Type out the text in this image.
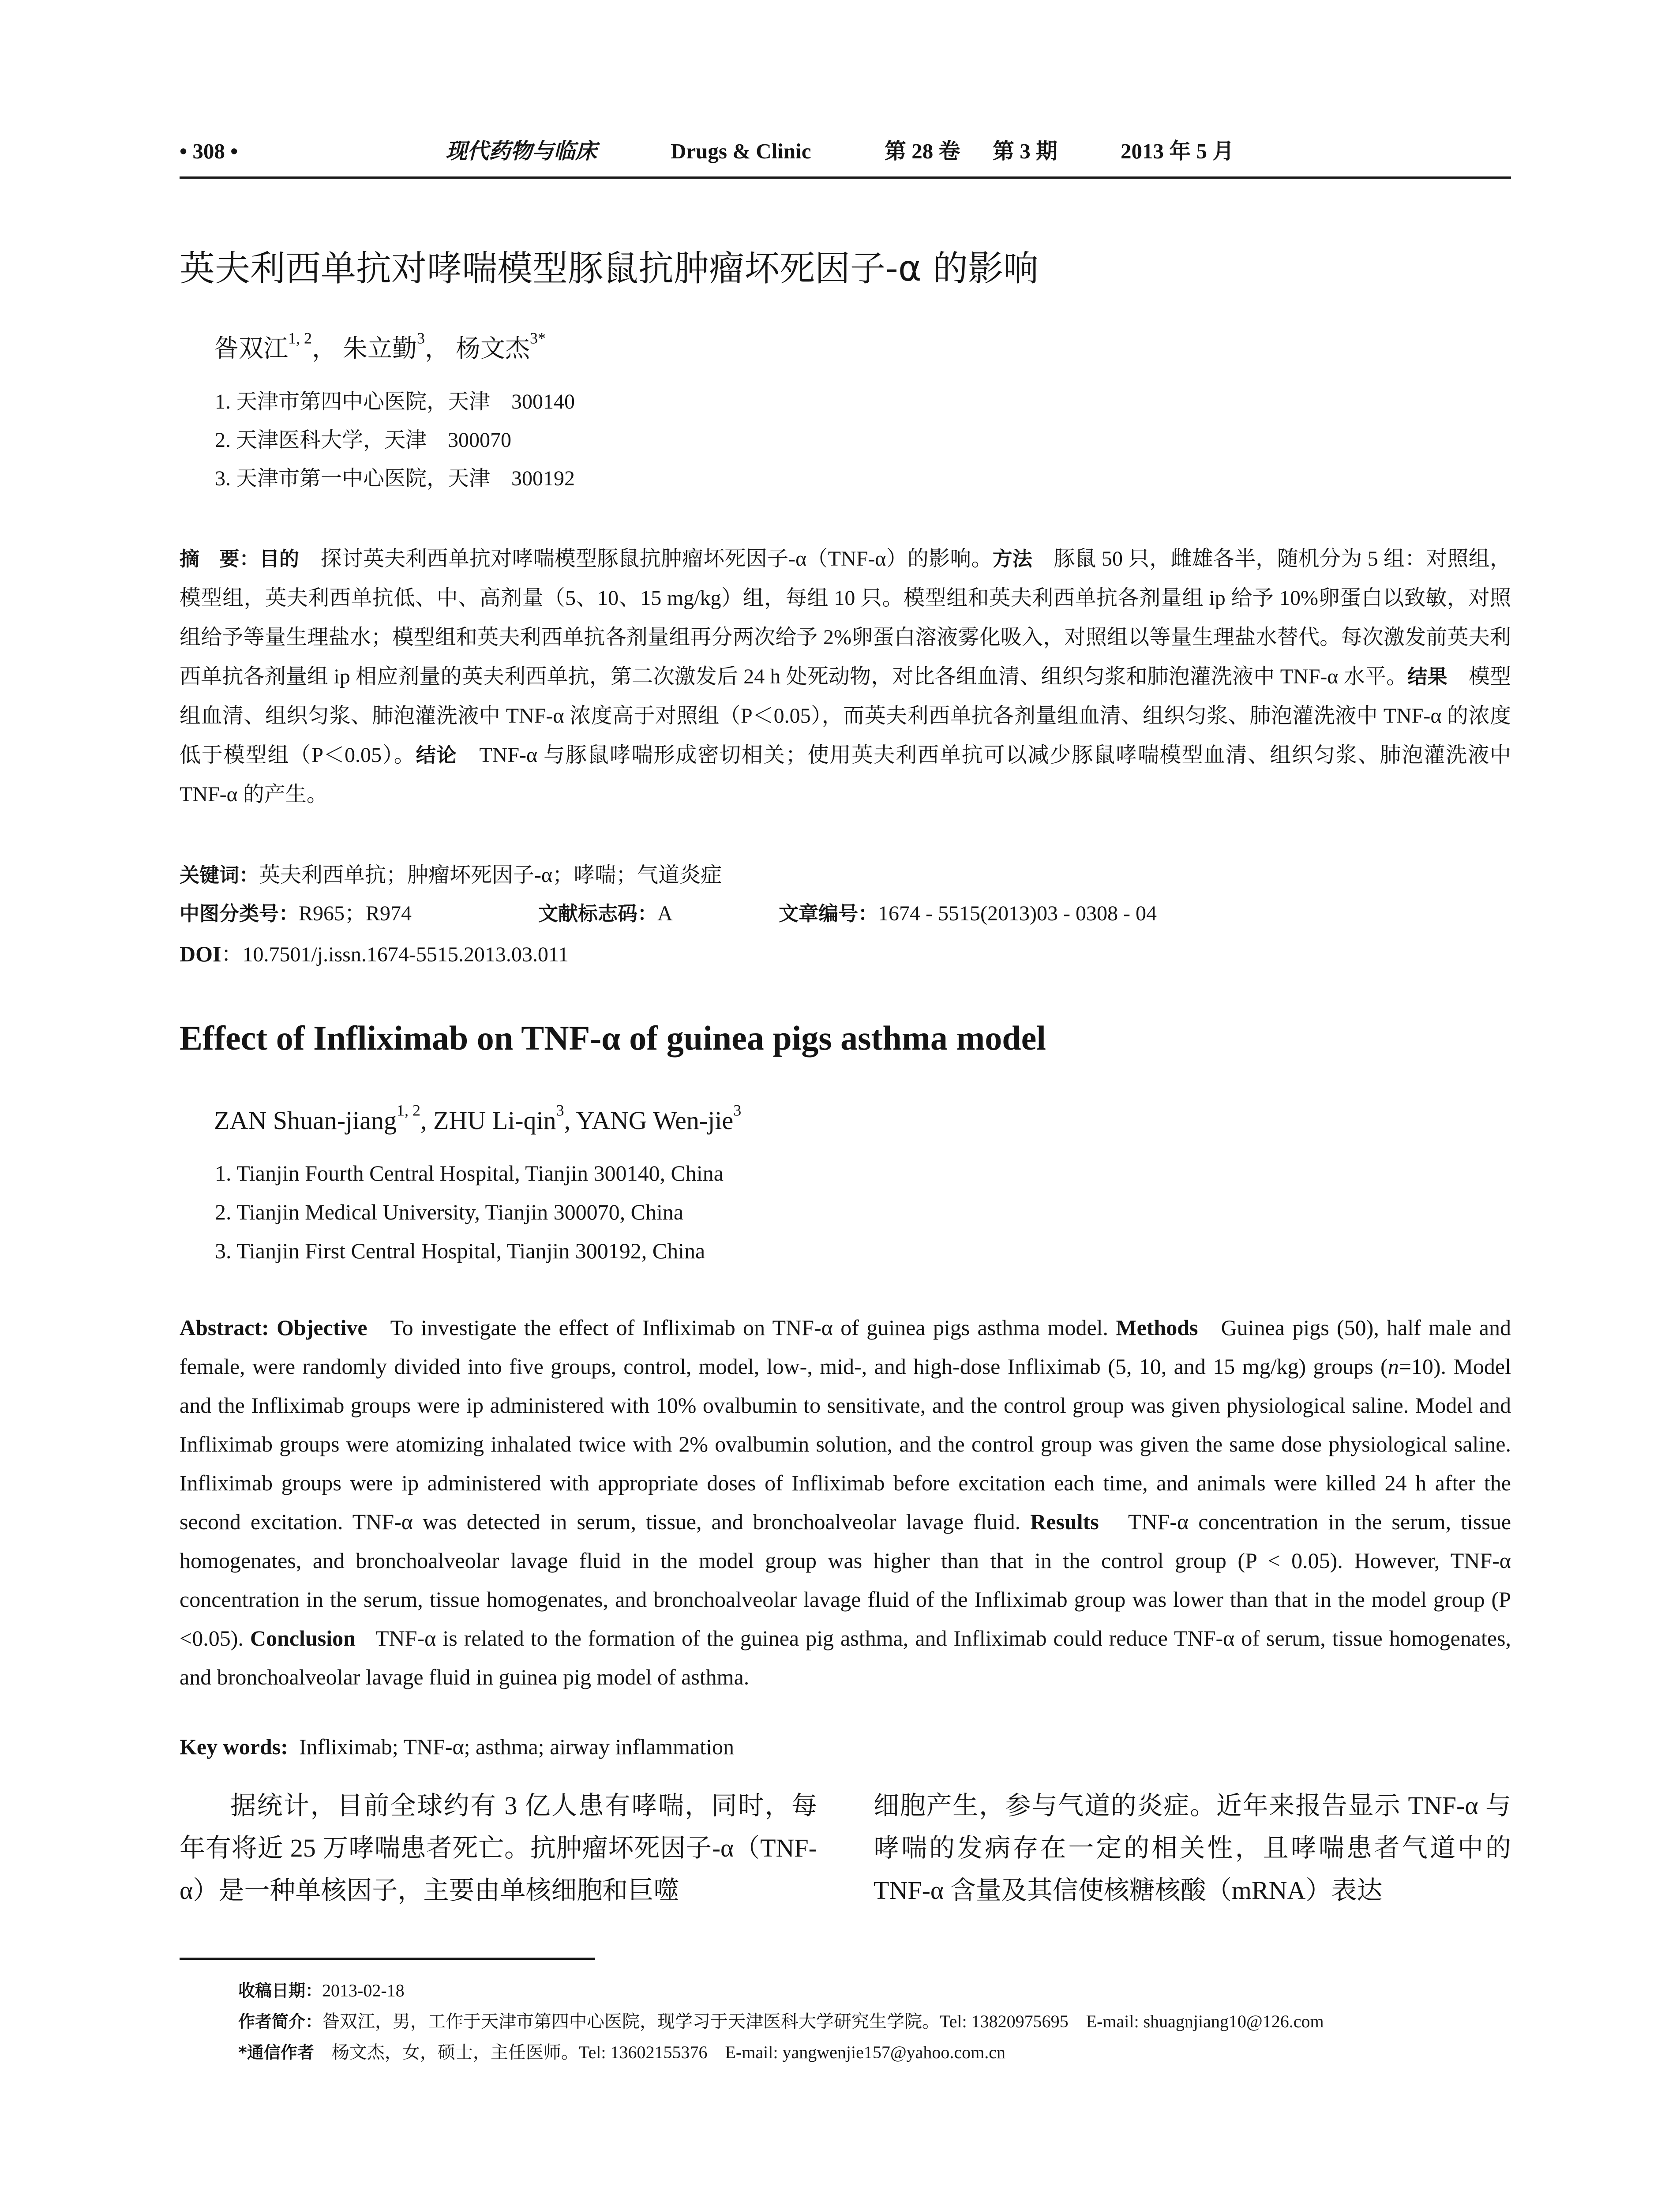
• 308 •	现代药物与临床	Drugs & Clinic	第 28 卷 第 3 期	2013 年 5 月
英夫利西单抗对哮喘模型豚鼠抗肿瘤坏死因子-α 的影响
昝双江$^{1, 2}$， 朱立勤$^3$， 杨文杰$^{3*}$
1. 天津市第四中心医院，天津　300140
2. 天津医科大学，天津　300070
3. 天津市第一中心医院，天津　300192
摘　要：目的　 探讨英夫利西单抗对哮喘模型豚鼠抗肿瘤坏死因子-α（TNF-α）的影响。方法　 豚鼠 50 只，雌雄各半，随机分为 5 组：对照组，模型组，英夫利西单抗低、中、高剂量（5、10、15 mg/kg）组，每组 10 只。模型组和英夫利西单抗各剂量组 ip 给予 10%卵蛋白以致敏，对照组给予等量生理盐水；模型组和英夫利西单抗各剂量组再分两次给予 2%卵蛋白溶液雾化吸入，对照组以等量生理盐水替代。每次激发前英夫利西单抗各剂量组 ip 相应剂量的英夫利西单抗，第二次激发后 24 h 处死动物，对比各组血清、组织匀浆和肺泡灌洗液中 TNF-α 水平。结果　 模型组血清、组织匀浆、肺泡灌洗液中 TNF-α 浓度高于对照组（P＜0.05），而英夫利西单抗各剂量组血清、组织匀浆、肺泡灌洗液中 TNF-α 的浓度低于模型组（P＜0.05）。结论　 TNF-α 与豚鼠哮喘形成密切相关；使用英夫利西单抗可以减少豚鼠哮喘模型血清、组织匀浆、肺泡灌洗液中 TNF-α 的产生。
关键词：英夫利西单抗；肿瘤坏死因子-α；哮喘；气道炎症
中图分类号：R965；R974	文献标志码：A	文章编号：1674 - 5515(2013)03 - 0308 - 04
DOI：10.7501/j.issn.1674-5515.2013.03.011
Effect of Infliximab on TNF-α of guinea pigs asthma model
ZAN Shuan-jiang$^{1, 2}$, ZHU Li-qin$^3$, YANG Wen-jie$^3$
1. Tianjin Fourth Central Hospital, Tianjin 300140, China
2. Tianjin Medical University, Tianjin 300070, China
3. Tianjin First Central Hospital, Tianjin 300192, China
Abstract: Objective To investigate the effect of Infliximab on TNF-α of guinea pigs asthma model. Methods Guinea pigs (50), half male and female, were randomly divided into five groups, control, model, low-, mid-, and high-dose Infliximab (5, 10, and 15 mg/kg) groups (n=10). Model and the Infliximab groups were ip administered with 10% ovalbumin to sensitivate, and the control group was given physiological saline. Model and Infliximab groups were atomizing inhalated twice with 2% ovalbumin solution, and the control group was given the same dose physiological saline. Infliximab groups were ip administered with appropriate doses of Infliximab before excitation each time, and animals were killed 24 h after the second excitation. TNF-α was detected in serum, tissue, and bronchoalveolar lavage fluid. Results TNF-α concentration in the serum, tissue homogenates, and bronchoalveolar lavage fluid in the model group was higher than that in the control group (P < 0.05). However, TNF-α concentration in the serum, tissue homogenates, and bronchoalveolar lavage fluid of the Infliximab group was lower than that in the model group (P <0.05). Conclusion TNF-α is related to the formation of the guinea pig asthma, and Infliximab could reduce TNF-α of serum, tissue homogenates, and bronchoalveolar lavage fluid in guinea pig model of asthma.
Key words: Infliximab; TNF-α; asthma; airway inflammation
据统计，目前全球约有 3 亿人患有哮喘，同时，每年有将近 25 万哮喘患者死亡。抗肿瘤坏死因子-α（TNF-α）是一种单核因子，主要由单核细胞和巨噬
细胞产生，参与气道的炎症。近年来报告显示 TNF-α 与哮喘的发病存在一定的相关性，且哮喘患者气道中的 TNF-α 含量及其信使核糖核酸（mRNA）表达
收稿日期：2013-02-18
作者简介：昝双江，男，工作于天津市第四中心医院，现学习于天津医科大学研究生学院。Tel: 13820975695　E-mail: shuagnjiang10@126.com
*通信作者　杨文杰，女，硕士，主任医师。Tel: 13602155376　E-mail: yangwenjie157@yahoo.com.cn
